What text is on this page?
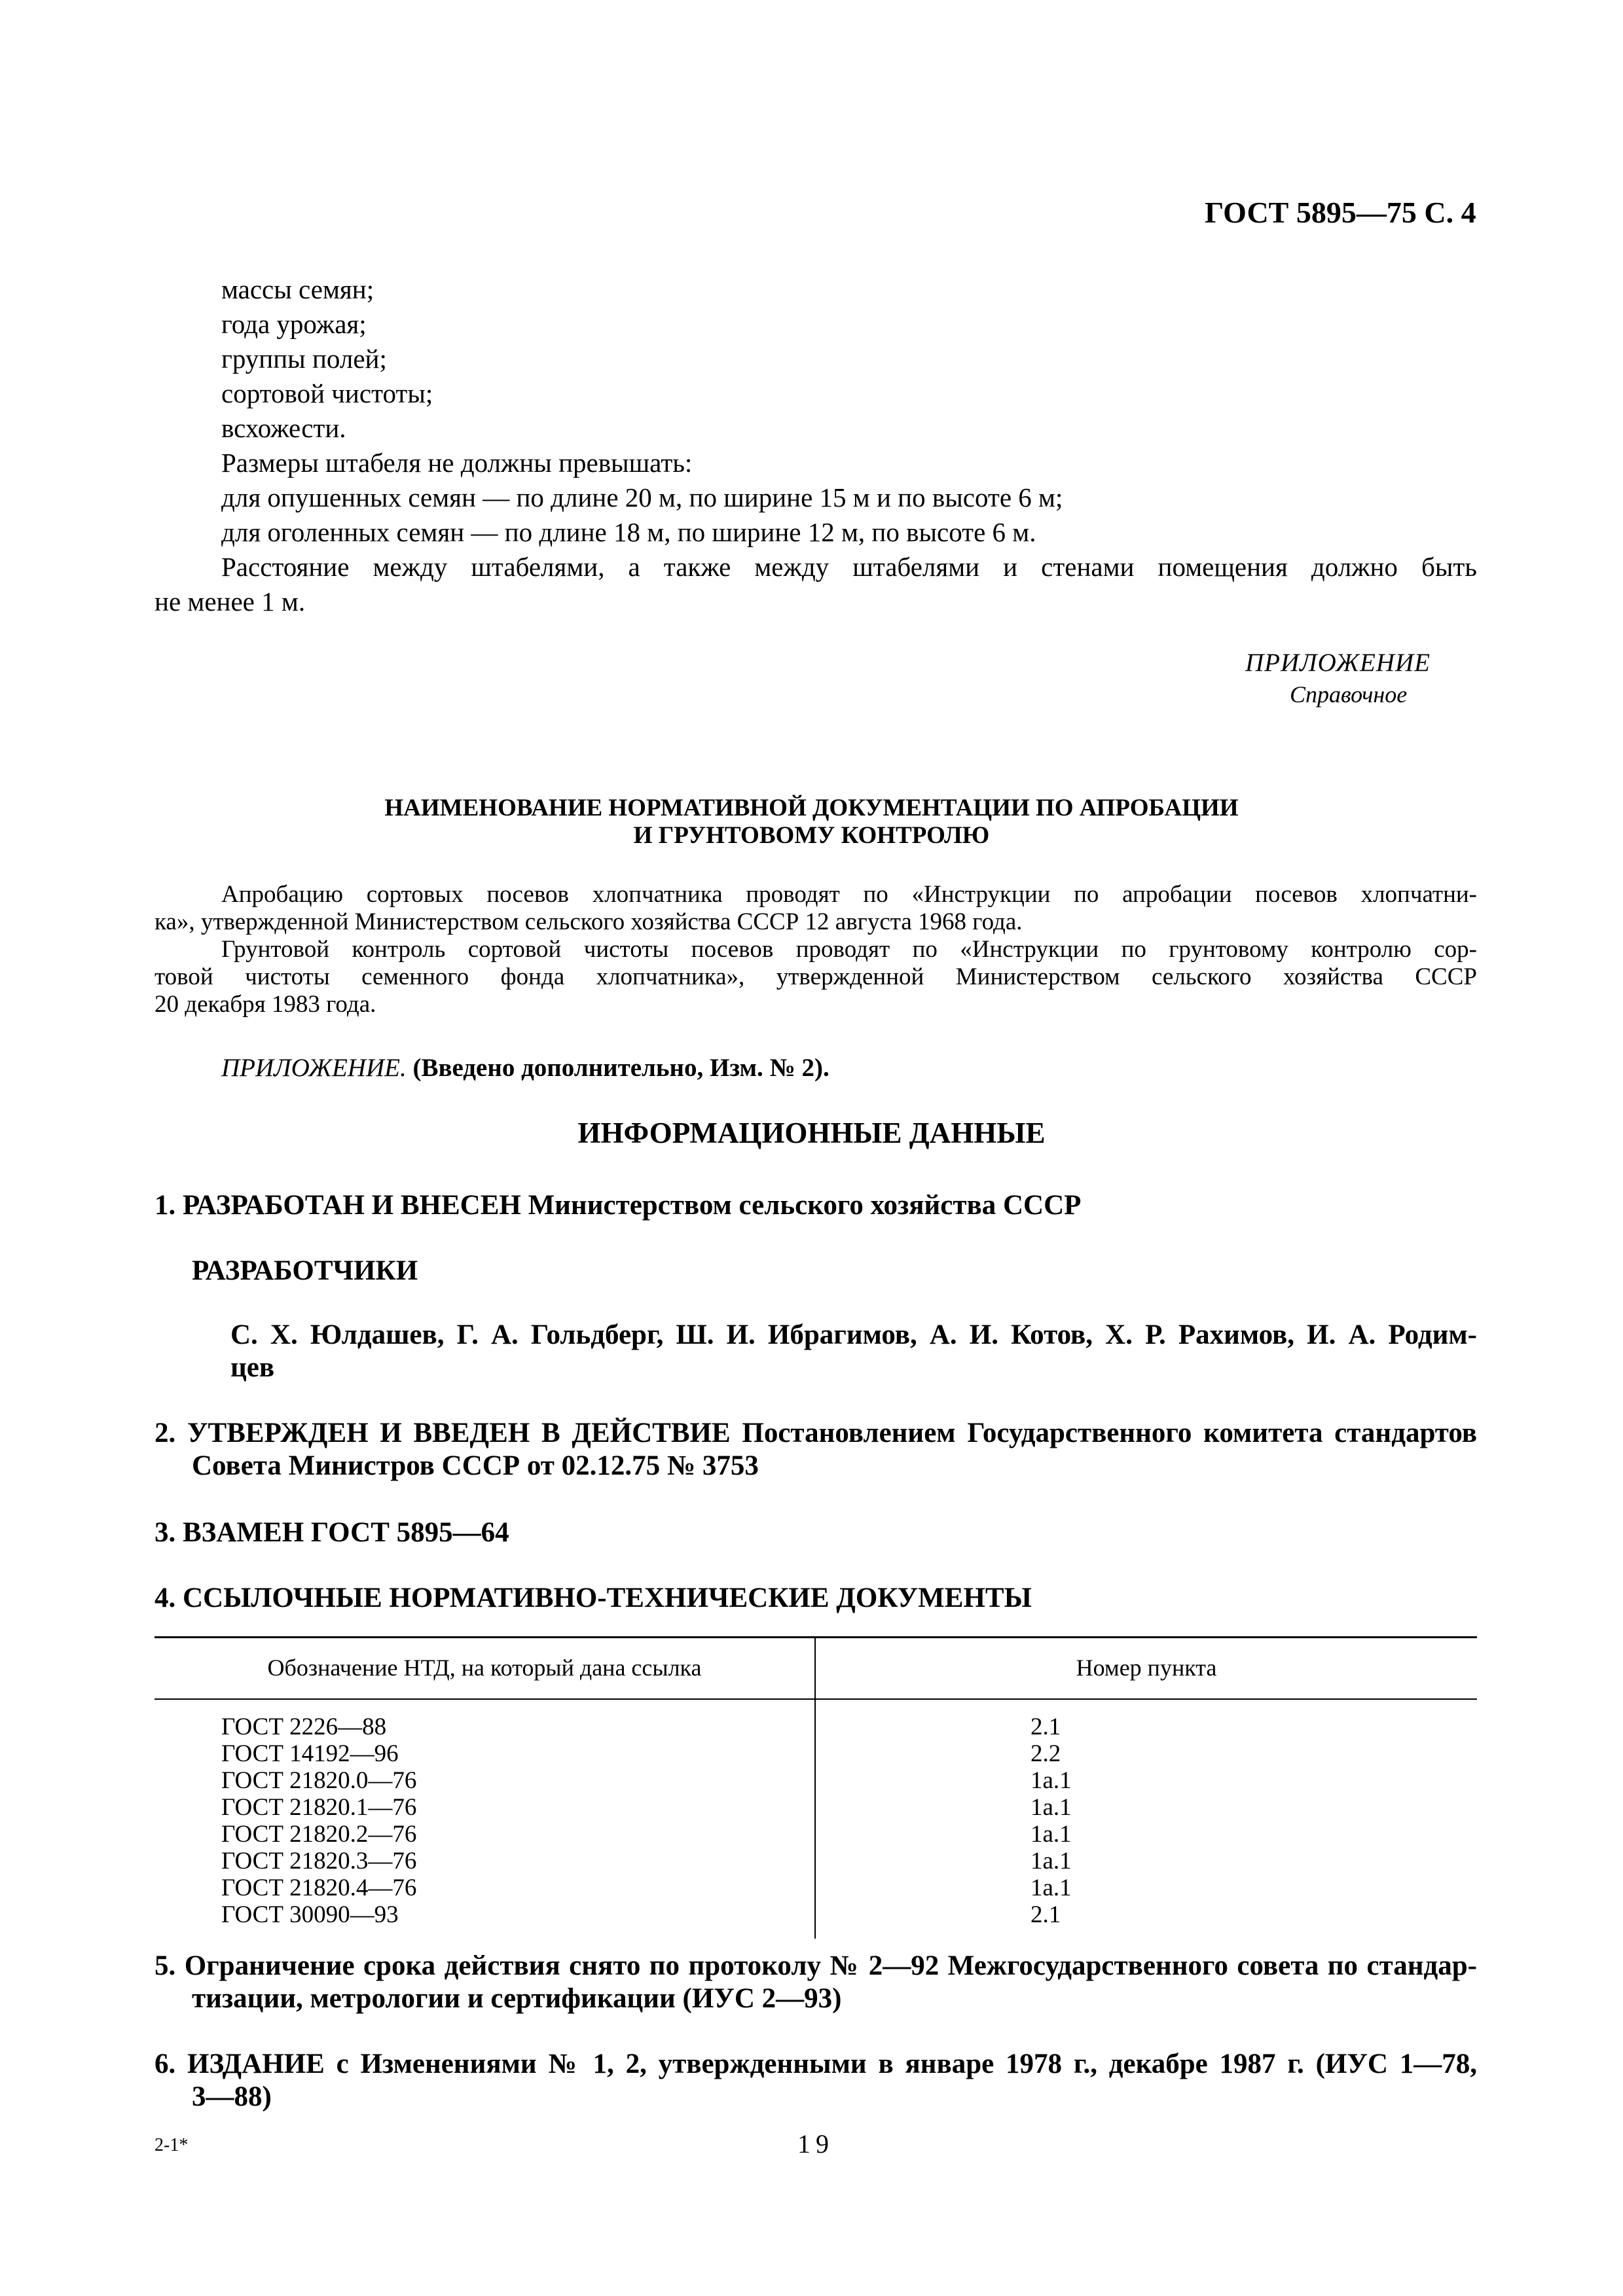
ГОСТ 5895—75 С. 4
массы семян;
года урожая;
группы полей;
сортовой чистоты;
всхожести.
Размеры штабеля не должны превышать:
для опушенных семян — по длине 20 м, по ширине 15 м и по высоте 6 м;
для оголенных семян — по длине 18 м, по ширине 12 м, по высоте 6 м.
Расстояние между штабелями, а также между штабелями и стенами помещения должно быть
не менее 1 м.
ПРИЛОЖЕНИЕ
Справочное
НАИМЕНОВАНИЕ НОРМАТИВНОЙ ДОКУМЕНТАЦИИ ПО АПРОБАЦИИ
И ГРУНТОВОМУ КОНТРОЛЮ
Апробацию сортовых посевов хлопчатника проводят по «Инструкции по апробации посевов хлопчатни-
ка», утвержденной Министерством сельского хозяйства СССР 12 августа 1968 года.
Грунтовой контроль сортовой чистоты посевов проводят по «Инструкции по грунтовому контролю сор-
товой чистоты семенного фонда хлопчатника», утвержденной Министерством сельского хозяйства СССР
20 декабря 1983 года.
ПРИЛОЖЕНИЕ. (Введено дополнительно, Изм. № 2).
ИНФОРМАЦИОННЫЕ ДАННЫЕ
1. РАЗРАБОТАН И ВНЕСЕН Министерством сельского хозяйства СССР
РАЗРАБОТЧИКИ
С. Х. Юлдашев, Г. А. Гольдберг, Ш. И. Ибрагимов, А. И. Котов, Х. Р. Рахимов, И. А. Родим-
цев
2. УТВЕРЖДЕН И ВВЕДЕН В ДЕЙСТВИЕ Постановлением Государственного комитета стандартов
Совета Министров СССР от 02.12.75 № 3753
3. ВЗАМЕН ГОСТ 5895—64
4. ССЫЛОЧНЫЕ НОРМАТИВНО-ТЕХНИЧЕСКИЕ ДОКУМЕНТЫ
Обозначение НТД, на который дана ссылка	Номер пункта
ГОСТ 2226—88	2.1
ГОСТ 14192—96	2.2
ГОСТ 21820.0—76	1а.1
ГОСТ 21820.1—76	1а.1
ГОСТ 21820.2—76	1а.1
ГОСТ 21820.3—76	1а.1
ГОСТ 21820.4—76	1а.1
ГОСТ 30090—93	2.1
5. Ограничение срока действия снято по протоколу № 2—92 Межгосударственного совета по стандар-
тизации, метрологии и сертификации (ИУС 2—93)
6. ИЗДАНИЕ с Изменениями № 1, 2, утвержденными в январе 1978 г., декабре 1987 г. (ИУС 1—78,
3—88)
2-1*	19
